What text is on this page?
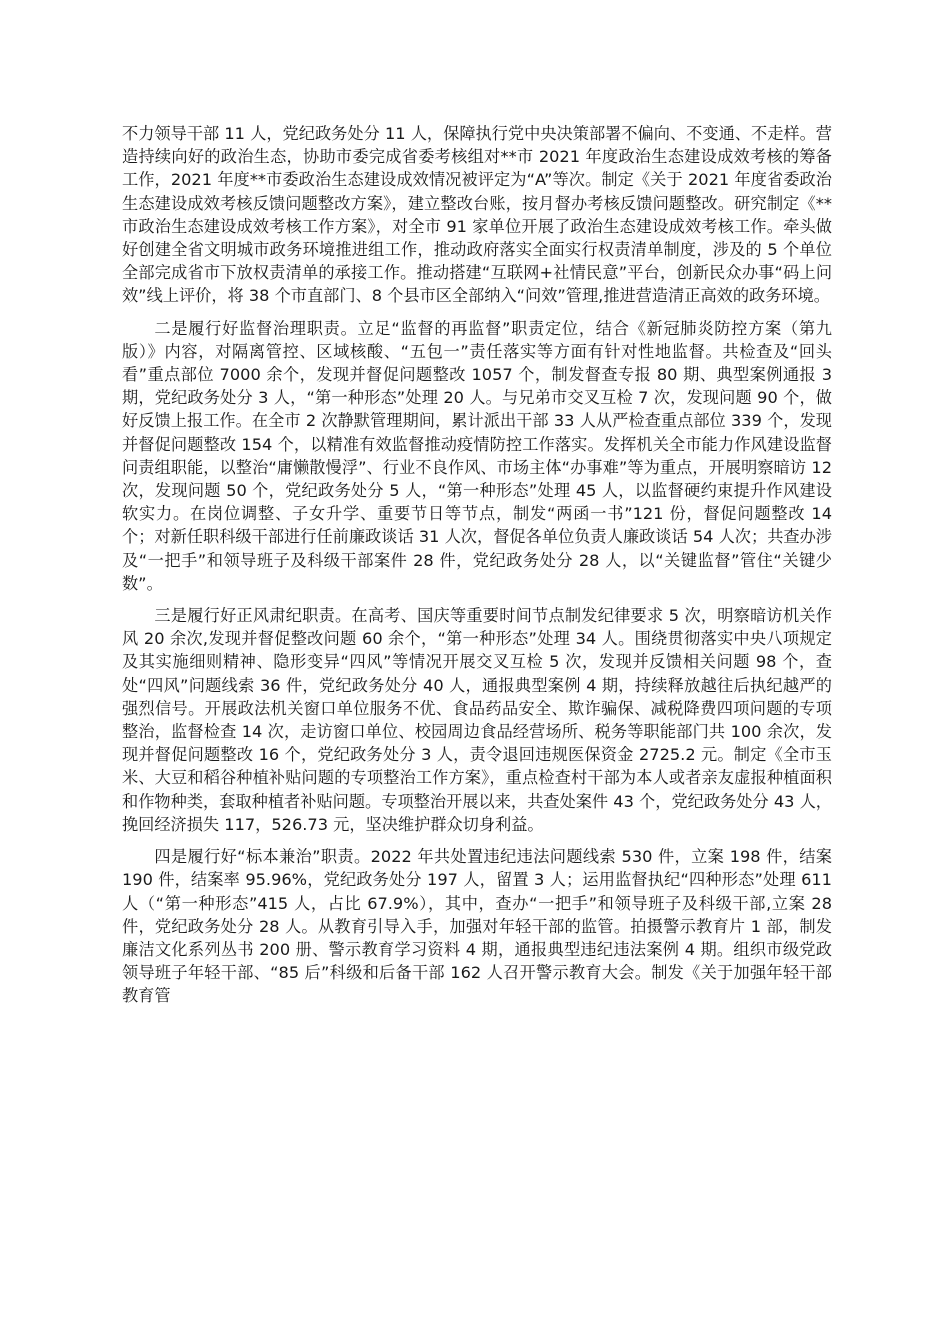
不力领导干部 11 人，党纪政务处分 11 人，保障执行党中央决策部署不偏向、不变通、不走样。营造持续向好的政治生态，协助市委完成省委考核组对**市 2021 年度政治生态建设成效考核的筹备工作，2021 年度**市委政治生态建设成效情况被评定为“A”等次。制定《关于 2021 年度省委政治生态建设成效考核反馈问题整改方案》，建立整改台账，按月督办考核反馈问题整改。研究制定《**市政治生态建设成效考核工作方案》，对全市 91 家单位开展了政治生态建设成效考核工作。牵头做好创建全省文明城市政务环境推进组工作，推动政府落实全面实行权责清单制度，涉及的 5 个单位全部完成省市下放权责清单的承接工作。推动搭建“互联网+社情民意”平台，创新民众办事“码上问效”线上评价，将 38 个市直部门、8 个县市区全部纳入“问效”管理,推进营造清正高效的政务环境。

二是履行好监督治理职责。立足“监督的再监督”职责定位，结合《新冠肺炎防控方案（第九版）》内容，对隔离管控、区域核酸、“五包一”责任落实等方面有针对性地监督。共检查及“回头看”重点部位 7000 余个，发现并督促问题整改 1057 个，制发督查专报 80 期、典型案例通报 3 期，党纪政务处分 3 人，“第一种形态”处理 20 人。与兄弟市交叉互检 7 次，发现问题 90 个，做好反馈上报工作。在全市 2 次静默管理期间，累计派出干部 33 人从严检查重点部位 339 个，发现并督促问题整改 154 个，以精准有效监督推动疫情防控工作落实。发挥机关全市能力作风建设监督问责组职能，以整治“庸懒散慢浮”、行业不良作风、市场主体“办事难”等为重点，开展明察暗访 12 次，发现问题 50 个，党纪政务处分 5 人，“第一种形态”处理 45 人，以监督硬约束提升作风建设软实力。在岗位调整、子女升学、重要节日等节点，制发“两函一书”121 份，督促问题整改 14 个；对新任职科级干部进行任前廉政谈话 31 人次，督促各单位负责人廉政谈话 54 人次；共查办涉及“一把手”和领导班子及科级干部案件 28 件，党纪政务处分 28 人，以“关键监督”管住“关键少数”。

三是履行好正风肃纪职责。在高考、国庆等重要时间节点制发纪律要求 5 次，明察暗访机关作风 20 余次,发现并督促整改问题 60 余个，“第一种形态”处理 34 人。围绕贯彻落实中央八项规定及其实施细则精神、隐形变异“四风”等情况开展交叉互检 5 次，发现并反馈相关问题 98 个，查处“四风”问题线索 36 件，党纪政务处分 40 人，通报典型案例 4 期，持续释放越往后执纪越严的强烈信号。开展政法机关窗口单位服务不优、食品药品安全、欺诈骗保、减税降费四项问题的专项整治，监督检查 14 次，走访窗口单位、校园周边食品经营场所、税务等职能部门共 100 余次，发现并督促问题整改 16 个，党纪政务处分 3 人，责令退回违规医保资金 2725.2 元。制定《全市玉米、大豆和稻谷种植补贴问题的专项整治工作方案》，重点检查村干部为本人或者亲友虚报种植面积和作物种类，套取种植者补贴问题。专项整治开展以来，共查处案件 43 个，党纪政务处分 43 人，挽回经济损失 117，526.73 元，坚决维护群众切身利益。

四是履行好“标本兼治”职责。2022 年共处置违纪违法问题线索 530 件，立案 198 件，结案 190 件，结案率 95.96%，党纪政务处分 197 人，留置 3 人；运用监督执纪“四种形态”处理 611 人（“第一种形态”415 人，占比 67.9%），其中，查办“一把手”和领导班子及科级干部,立案 28 件，党纪政务处分 28 人。从教育引导入手，加强对年轻干部的监管。拍摄警示教育片 1 部，制发廉洁文化系列丛书 200 册、警示教育学习资料 4 期，通报典型违纪违法案例 4 期。组织市级党政领导班子年轻干部、“85 后”科级和后备干部 162 人召开警示教育大会。制发《关于加强年轻干部教育管
